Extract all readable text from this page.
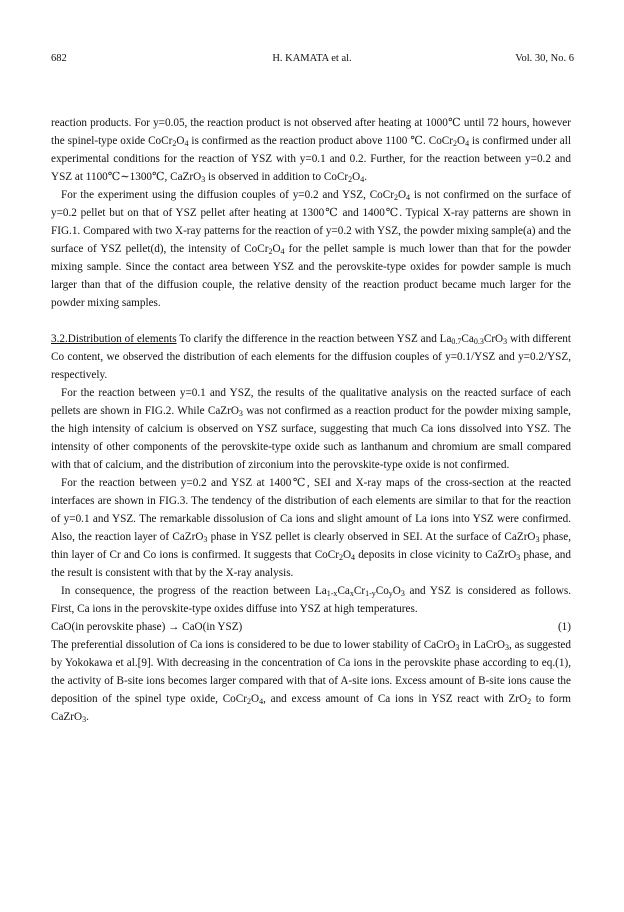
682	H. KAMATA et al.	Vol. 30, No. 6

reaction products. For y=0.05, the reaction product is not observed after heating at 1000℃ until 72 hours, however the spinel-type oxide $CoCr_2O_4$ is confirmed as the reaction product above 1100 ℃. $CoCr_2O_4$ is confirmed under all experimental conditions for the reaction of YSZ with y=0.1 and 0.2. Further, for the reaction between y=0.2 and YSZ at 1100℃∼1300℃, CaZrO$_3$ is observed in addition to $CoCr_2O_4$.

For the experiment using the diffusion couples of y=0.2 and YSZ, $CoCr_2O_4$ is not confirmed on the surface of y=0.2 pellet but on that of YSZ pellet after heating at 1300℃ and 1400℃. Typical X-ray patterns are shown in FIG.1. Compared with two X-ray patterns for the reaction of y=0.2 with YSZ, the powder mixing sample(a) and the surface of YSZ pellet(d), the intensity of $CoCr_2O_4$ for the pellet sample is much lower than that for the powder mixing sample. Since the contact area between YSZ and the perovskite-type oxides for powder sample is much larger than that of the diffusion couple, the relative density of the reaction product became much larger for the powder mixing samples.

3.2.Distribution of elements To clarify the difference in the reaction between YSZ and $La_{0.7}Ca_{0.3}CrO_3$ with different Co content, we observed the distribution of each elements for the diffusion couples of y=0.1/YSZ and y=0.2/YSZ, respectively.

For the reaction between y=0.1 and YSZ, the results of the qualitative analysis on the reacted surface of each pellets are shown in FIG.2. While CaZrO$_3$ was not confirmed as a reaction product for the powder mixing sample, the high intensity of calcium is observed on YSZ surface, suggesting that much Ca ions dissolved into YSZ. The intensity of other components of the perovskite-type oxide such as lanthanum and chromium are small compared with that of calcium, and the distribution of zirconium into the perovskite-type oxide is not confirmed.

For the reaction between y=0.2 and YSZ at 1400℃, SEI and X-ray maps of the cross-section at the reacted interfaces are shown in FIG.3. The tendency of the distribution of each elements are similar to that for the reaction of y=0.1 and YSZ. The remarkable dissolusion of Ca ions and slight amount of La ions into YSZ were confirmed. Also, the reaction layer of CaZrO$_3$ phase in YSZ pellet is clearly observed in SEI. At the surface of CaZrO$_3$ phase, thin layer of Cr and Co ions is confirmed. It suggests that $CoCr_2O_4$ deposits in close vicinity to CaZrO$_3$ phase, and the result is consistent with that by the X-ray analysis.

In consequence, the progress of the reaction between $La_{1-x}Ca_xCr_{1-y}Co_yO_3$ and YSZ is considered as follows. First, Ca ions in the perovskite-type oxides diffuse into YSZ at high temperatures.

CaO(in perovskite phase) → CaO(in YSZ)	(1)

The preferential dissolution of Ca ions is considered to be due to lower stability of CaCrO$_3$ in LaCrO$_3$, as suggested by Yokokawa et al.[9]. With decreasing in the concentration of Ca ions in the perovskite phase according to eq.(1), the activity of B-site ions becomes larger compared with that of A-site ions. Excess amount of B-site ions cause the deposition of the spinel type oxide, $CoCr_2O_4$, and excess amount of Ca ions in YSZ react with ZrO$_2$ to form CaZrO$_3$.
